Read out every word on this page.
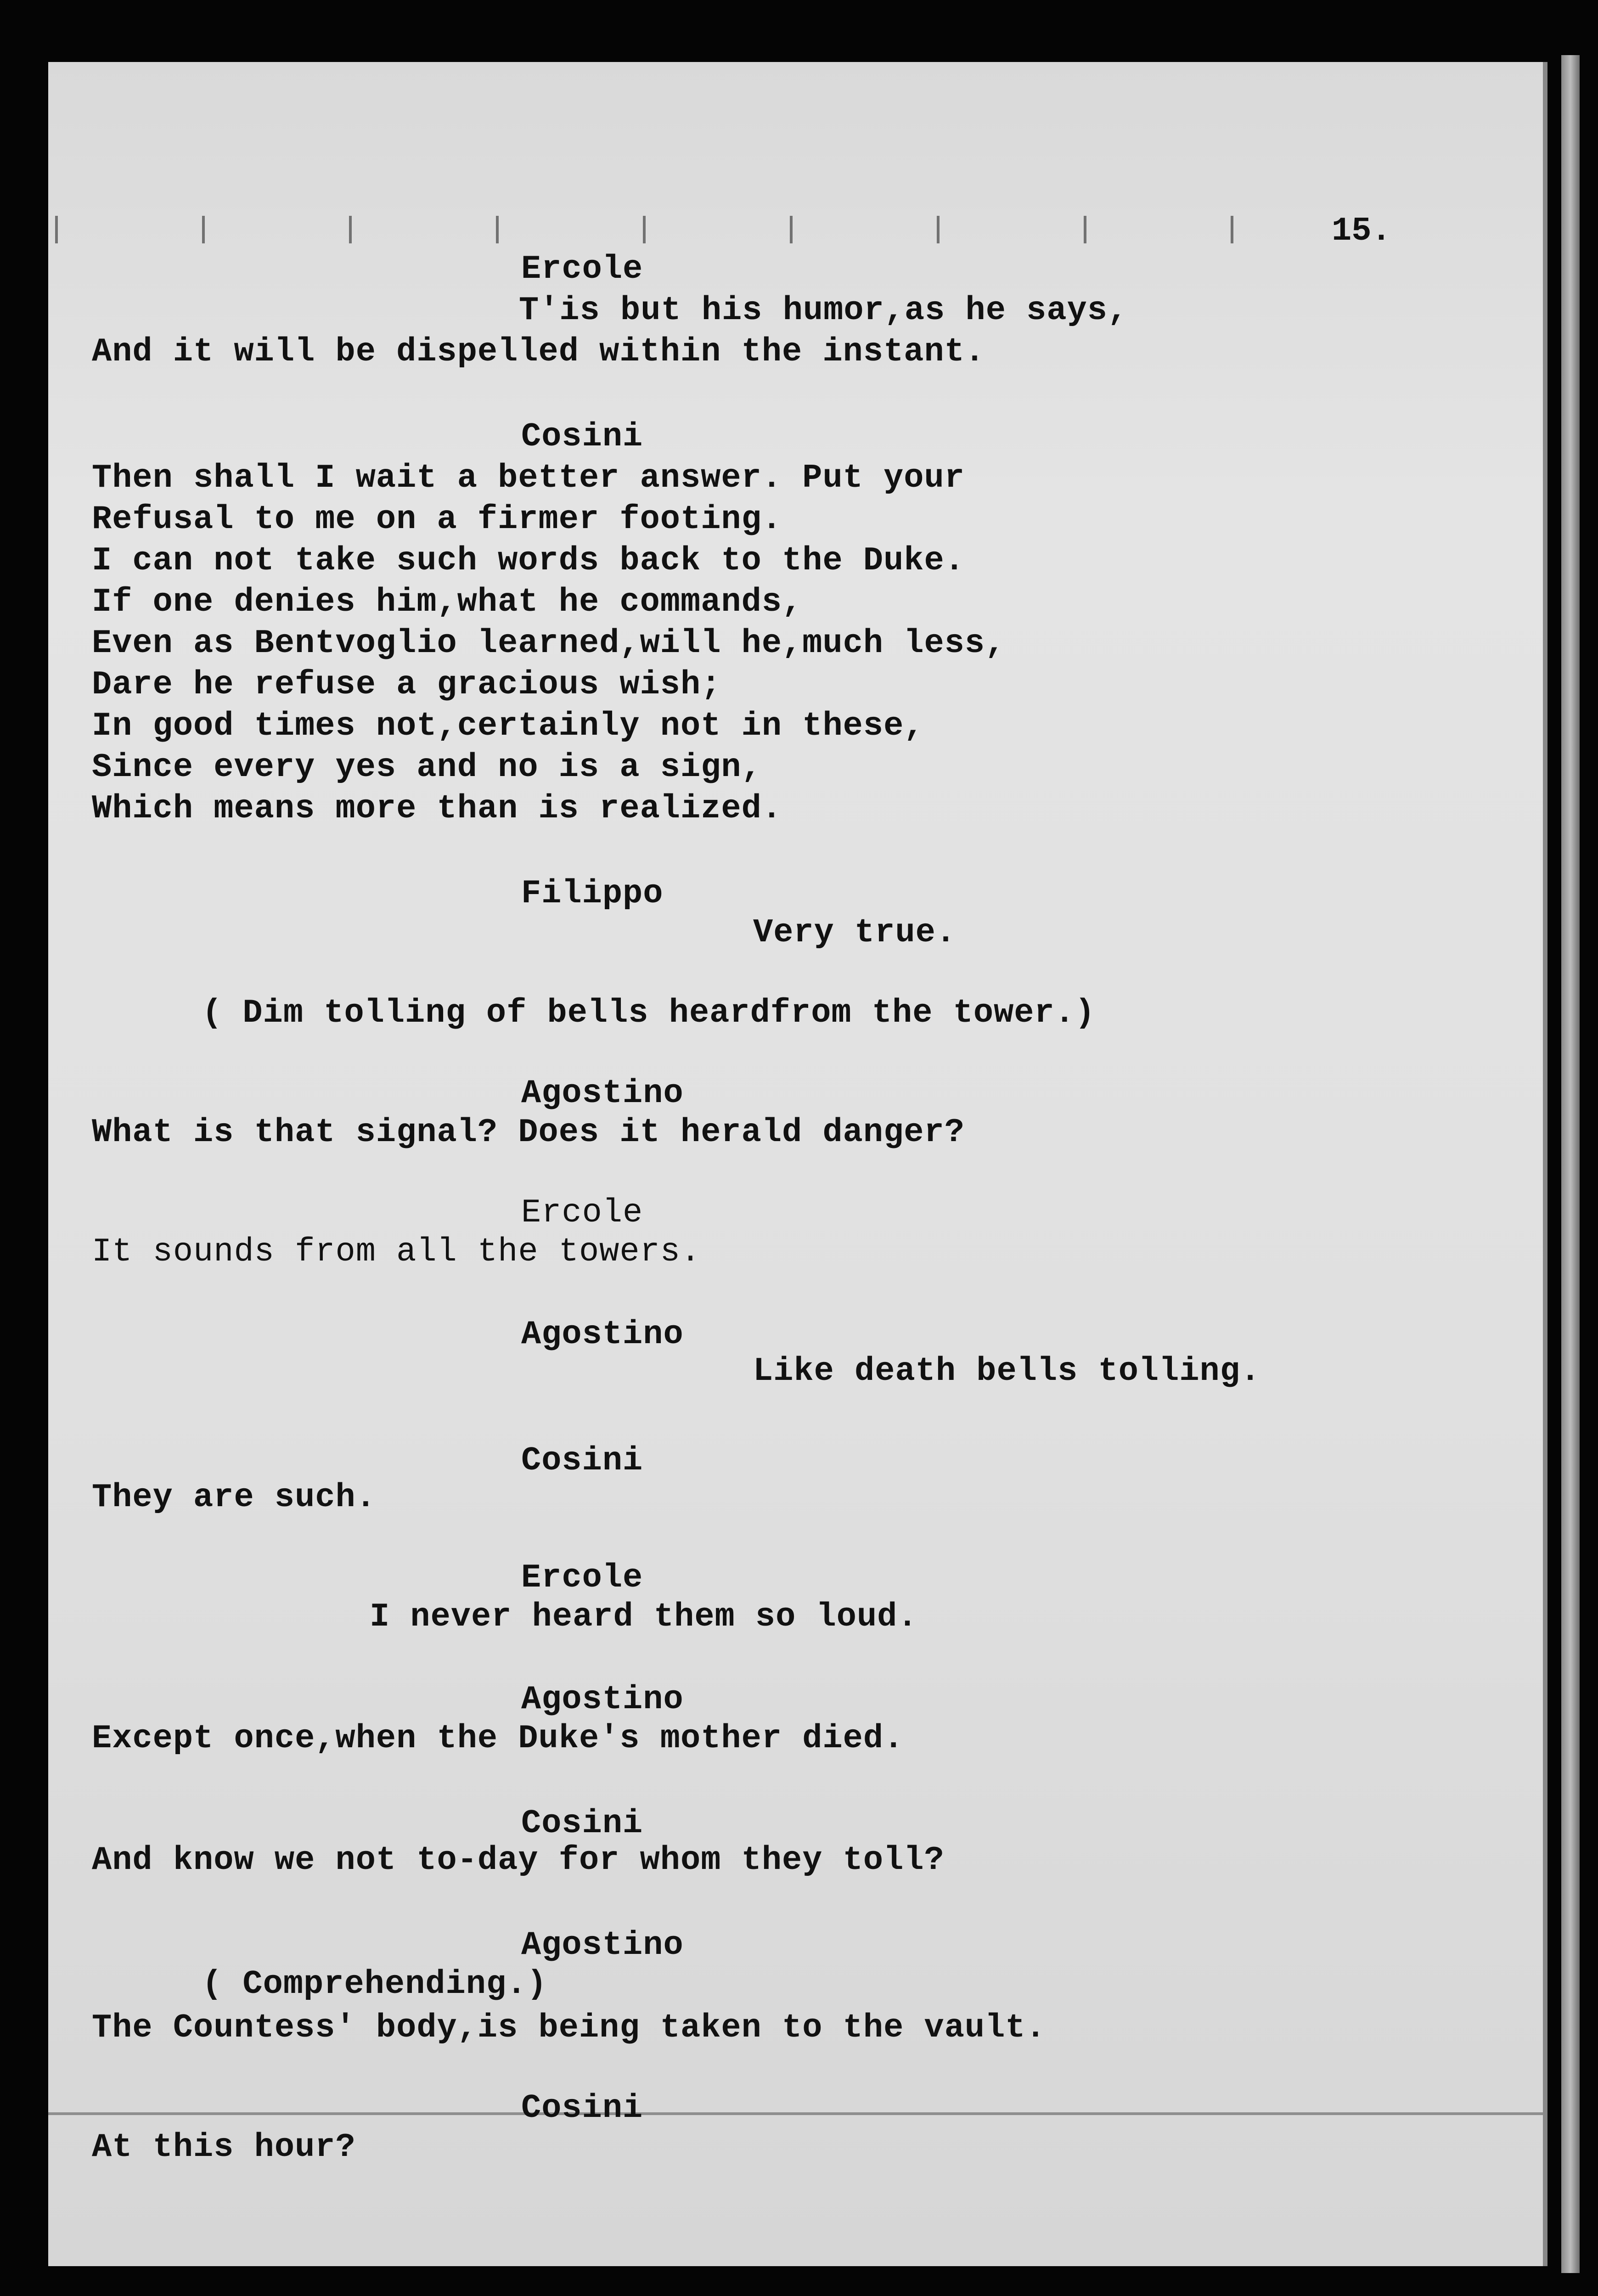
15.
Ercole
T'is but his humor,as he says,
And it will be dispelled within the instant.
Cosini
Then shall I wait a better answer. Put your
Refusal to me on a firmer footing.
I can not take such words back to the Duke.
If one denies him,what he commands,
Even as Bentvoglio learned,will he,much less,
Dare he refuse a gracious wish;
In good times not,certainly not in these,
Since every yes and no is a sign,
Which means more than is realized.
Filippo
Very true.
( Dim tolling of bells heardfrom the tower.)
Agostino
What is that signal? Does it herald danger?
Ercole
It sounds from all the towers.
Agostino
Like death bells tolling.
Cosini
They are such.
Ercole
I never heard them so loud.
Agostino
Except once,when the Duke's mother died.
Cosini
And know we not to-day for whom they toll?
Agostino
( Comprehending.)
The Countess' body,is being taken to the vault.
Cosini
At this hour?
